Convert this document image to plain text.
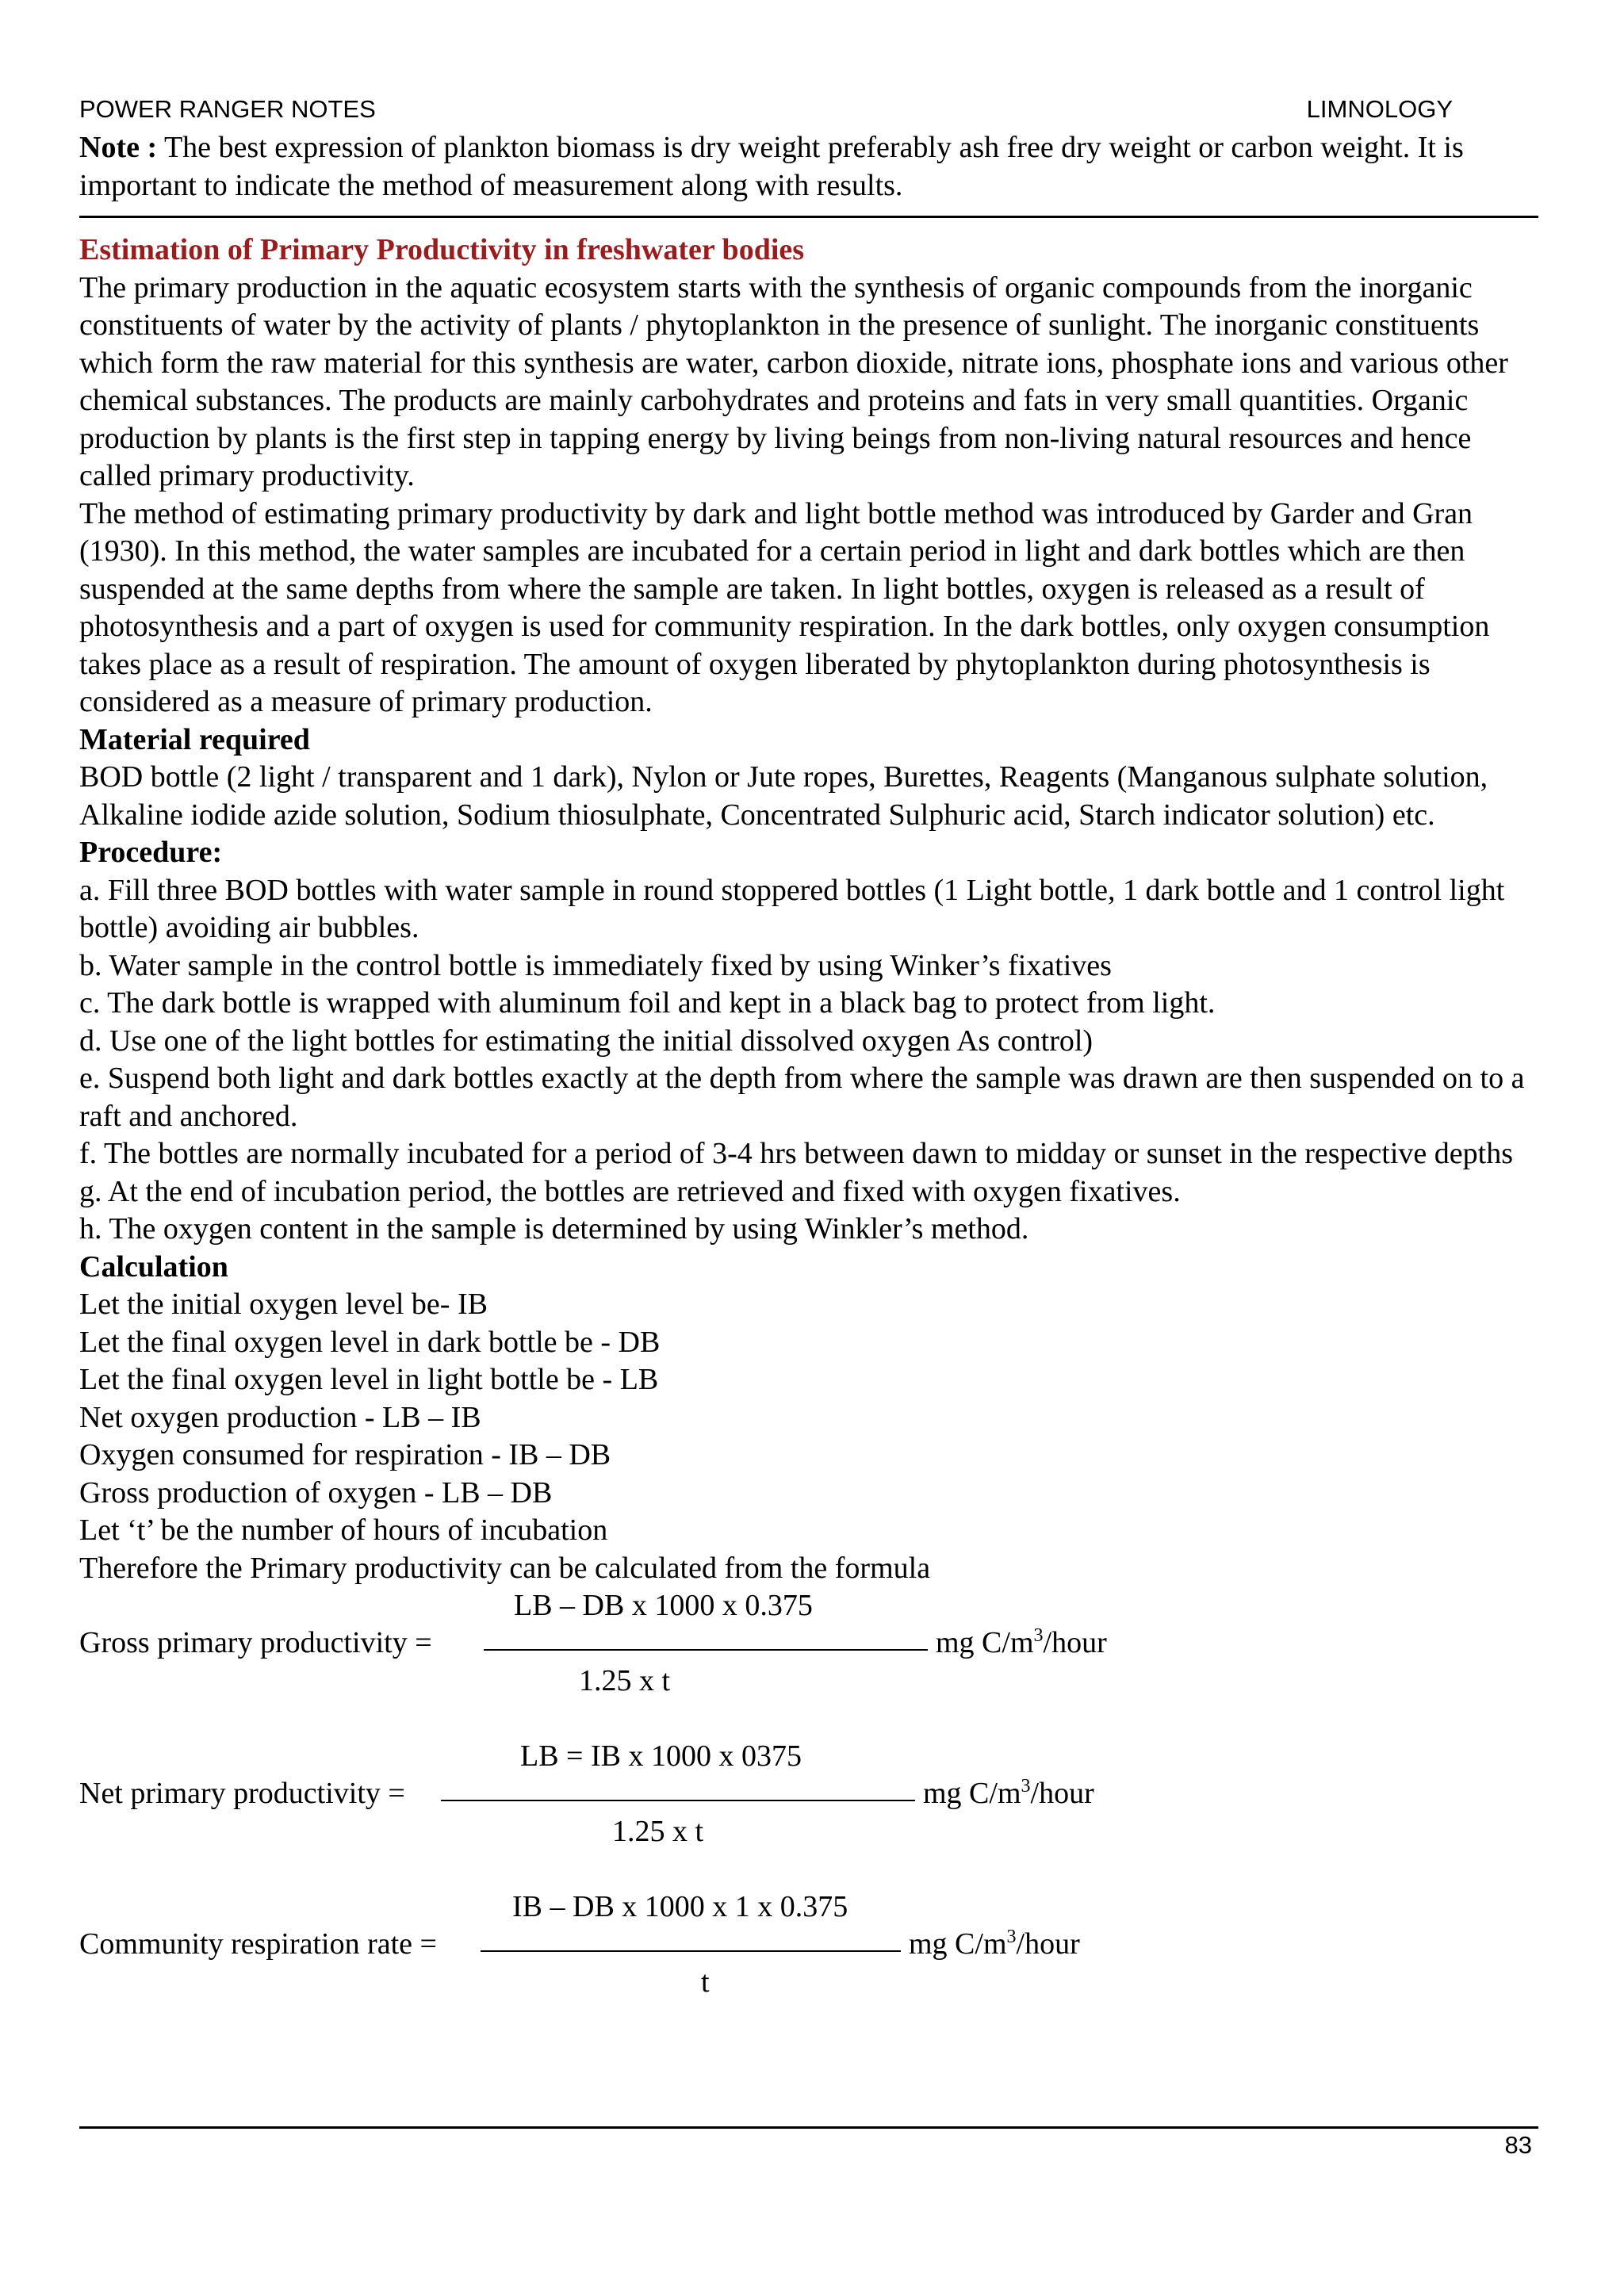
POWER RANGER NOTES	LIMNOLOGY

Note : The best expression of plankton biomass is dry weight preferably ash free dry weight or carbon weight. It is important to indicate the method of measurement along with results.

Estimation of Primary Productivity in freshwater bodies

The primary production in the aquatic ecosystem starts with the synthesis of organic compounds from the inorganic constituents of water by the activity of plants / phytoplankton in the presence of sunlight. The inorganic constituents which form the raw material for this synthesis are water, carbon dioxide, nitrate ions, phosphate ions and various other chemical substances. The products are mainly carbohydrates and proteins and fats in very small quantities. Organic production by plants is the first step in tapping energy by living beings from non-living natural resources and hence called primary productivity.

The method of estimating primary productivity by dark and light bottle method was introduced by Garder and Gran (1930). In this method, the water samples are incubated for a certain period in light and dark bottles which are then suspended at the same depths from where the sample are taken. In light bottles, oxygen is released as a result of photosynthesis and a part of oxygen is used for community respiration. In the dark bottles, only oxygen consumption takes place as a result of respiration. The amount of oxygen liberated by phytoplankton during photosynthesis is considered as a measure of primary production.

Material required

BOD bottle (2 light / transparent and 1 dark), Nylon or Jute ropes, Burettes, Reagents (Manganous sulphate solution, Alkaline iodide azide solution, Sodium thiosulphate, Concentrated Sulphuric acid, Starch indicator solution) etc.

Procedure:

a. Fill three BOD bottles with water sample in round stoppered bottles (1 Light bottle, 1 dark bottle and 1 control light bottle) avoiding air bubbles.

b. Water sample in the control bottle is immediately fixed by using Winker’s fixatives

c. The dark bottle is wrapped with aluminum foil and kept in a black bag to protect from light.

d. Use one of the light bottles for estimating the initial dissolved oxygen As control)

e. Suspend both light and dark bottles exactly at the depth from where the sample was drawn are then suspended on to a raft and anchored.

f. The bottles are normally incubated for a period of 3-4 hrs between dawn to midday or sunset in the respective depths

g. At the end of incubation period, the bottles are retrieved and fixed with oxygen fixatives.

h. The oxygen content in the sample is determined by using Winkler’s method.

Calculation

Let the initial oxygen level be- IB

Let the final oxygen level in dark bottle be - DB

Let the final oxygen level in light bottle be - LB

Net oxygen production - LB – IB

Oxygen consumed for respiration - IB – DB

Gross production of oxygen - LB – DB

Let ‘t’ be the number of hours of incubation

Therefore the Primary productivity can be calculated from the formula

LB – DB x 1000 x 0.375
Gross primary productivity =	mg $C/m^3$/hour
1.25 x t
LB = IB x 1000 x 0375
Net primary productivity =	mg $C/m^3$/hour
1.25 x t
IB – DB x 1000 x 1 x 0.375
Community respiration rate =	mg $C/m^3$/hour
t
83
